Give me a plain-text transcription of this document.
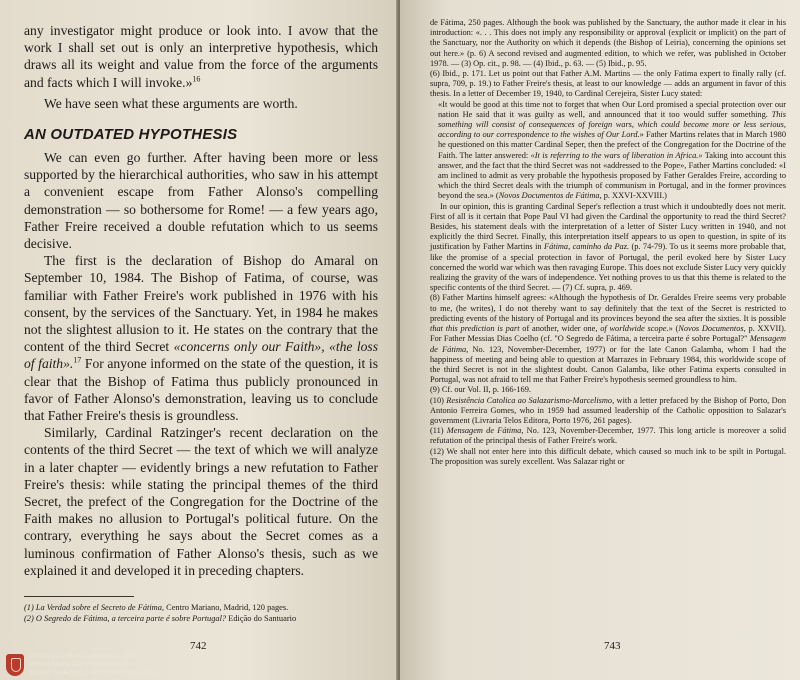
any investigator might produce or look into. I avow that the work I shall set out is only an interpretive hypothesis, which draws all its weight and value from the force of the arguments and facts which I will invoke.»$^{16}$

We have seen what these arguments are worth.

AN OUTDATED HYPOTHESIS

We can even go further. After having been more or less supported by the hierarchical authorities, who saw in his attempt a convenient escape from Father Alonso's compelling demonstration — so bothersome for Rome! — a few years ago, Father Freire received a double refutation which to us seems decisive.

The first is the declaration of Bishop do Amaral on September 10, 1984. The Bishop of Fatima, of course, was familiar with Father Freire's work published in 1976 with his consent, by the services of the Sanctuary. Yet, in 1984 he makes not the slightest allusion to it. He states on the contrary that the content of the third Secret «concerns only our Faith», «the loss of faith».$^{17}$ For anyone informed on the state of the question, it is clear that the Bishop of Fatima thus publicly pronounced in favor of Father Alonso's demonstration, leaving us to conclude that Father Freire's thesis is groundless.

Similarly, Cardinal Ratzinger's recent declaration on the contents of the third Secret — the text of which we will analyze in a later chapter — evidently brings a new refutation to Father Freire's thesis: while stating the principal themes of the third Secret, the prefect of the Congregation for the Doctrine of the Faith makes no allusion to Portugal's political future. On the contrary, everything he says about the Secret comes as a luminous confirmation of Father Alonso's thesis, such as we explained it and developed it in preceding chapters.

(1) La Verdad sobre el Secreto de Fátima, Centro Mariano, Madrid, 120 pages.
(2) O Segredo de Fátima, a terceira parte é sobre Portugal? Edição do Santuario
742
WWW.FATIMAMOVEMENT.COM
WWW.OURLADYISGOD.COM
WWW.THIRDSECRETOFFATIMA.COM

de Fátima, 250 pages. Although the book was published by the Sanctuary, the author made it clear in his introduction: «. . . This does not imply any responsibility or approval (explicit or implicit) on the part of the Sanctuary, nor the Authority on which it depends (the Bishop of Leiria), concerning the opinions set out here.» (p. 6) A second revised and augmented edition, to which we refer, was published in October 1978. — (3) Op. cit., p. 98. — (4) Ibid., p. 63. — (5) Ibid., p. 95.

(6) Ibid., p. 171. Let us point out that Father A.M. Martins — the only Fatima expert to finally rally (cf. supra, 709, p. 19.) to Father Freire's thesis, at least to our knowledge — adds an argument in favor of this thesis. In a letter of December 19, 1940, to Cardinal Cerejeira, Sister Lucy stated:

«It would be good at this time not to forget that when Our Lord promised a special protection over our nation He said that it was guilty as well, and announced that it too would suffer something. This something will consist of consequences of foreign wars, which could become more or less serious, according to our correspondence to the wishes of Our Lord.» Father Martins relates that in March 1980 he questioned on this matter Cardinal Seper, then the prefect of the Congregation for the Doctrine of the Faith. The latter answered: «It is referring to the wars of liberation in Africa.» Taking into account this answer, and the fact that the third Secret was not «addressed to the Pope», Father Martins concluded: «I am inclined to admit as very probable the hypothesis proposed by Father Geraldes Freire, according to which the third Secret deals with the triumph of communism in Portugal, and in the former provinces beyond the sea.» (Novos Documentos de Fátima, p. XXVI-XXVIII.)

In our opinion, this is granting Cardinal Seper's reflection a trust which it undoubtedly does not merit. First of all is it certain that Pope Paul VI had given the Cardinal the opportunity to read the third Secret? Besides, his statement deals with the interpretation of a letter of Sister Lucy written in 1940, and not explicitly the third Secret. Finally, this interpretation itself appears to us open to question, in spite of its justification by Father Martins in Fátima, caminho da Paz. (p. 74-79). To us it seems more probable that, like the promise of a special protection in favor of Portugal, the peril evoked here by Sister Lucy concerned the world war which was then ravaging Europe. This does not exclude Sister Lucy very quickly realizing the gravity of the wars of independence. Yet nothing proves to us that this theme is related to the specific contents of the third Secret. — (7) Cf. supra, p. 469.

(8) Father Martins himself agrees: «Although the hypothesis of Dr. Geraldes Freire seems very probable to me, (he writes), I do not thereby want to say definitely that the text of the Secret is restricted to predicting events of the history of Portugal and its provinces beyond the sea after the sixties. It is possible that this prediction is part of another, wider one, of worldwide scope.» (Novos Documentos, p. XXVII). For Father Messias Dias Coelho (cf. "O Segredo de Fátima, a terceira parte é sobre Portugal?" Mensagem de Fátima, No. 123, November-December, 1977) or for the late Canon Galamba, whom I had the happiness of meeting and being able to question at Marrazes in February 1984, this worldwide scope of the third Secret is not in the slightest doubt. Canon Galamba, like other Fatima experts consulted in Portugal, was not afraid to tell me that Father Freire's hypothesis seemed groundless to him.

(9) Cf. our Vol. II, p. 166-169.

(10) Resistência Catolica ao Salazarismo-Marcelismo, with a letter prefaced by the Bishop of Porto, Don Antonio Ferreira Gomes, who in 1959 had assumed leadership of the Catholic opposition to Salazar's government (Livraria Telos Editora, Porto 1976, 261 pages).

(11) Mensagem de Fátima, No. 123, November-December, 1977. This long article is moreover a solid refutation of the principal thesis of Father Freire's work.

(12) We shall not enter here into this difficult debate, which caused so much ink to be spilt in Portugal. The proposition was surely excellent. Was Salazar right or

743
